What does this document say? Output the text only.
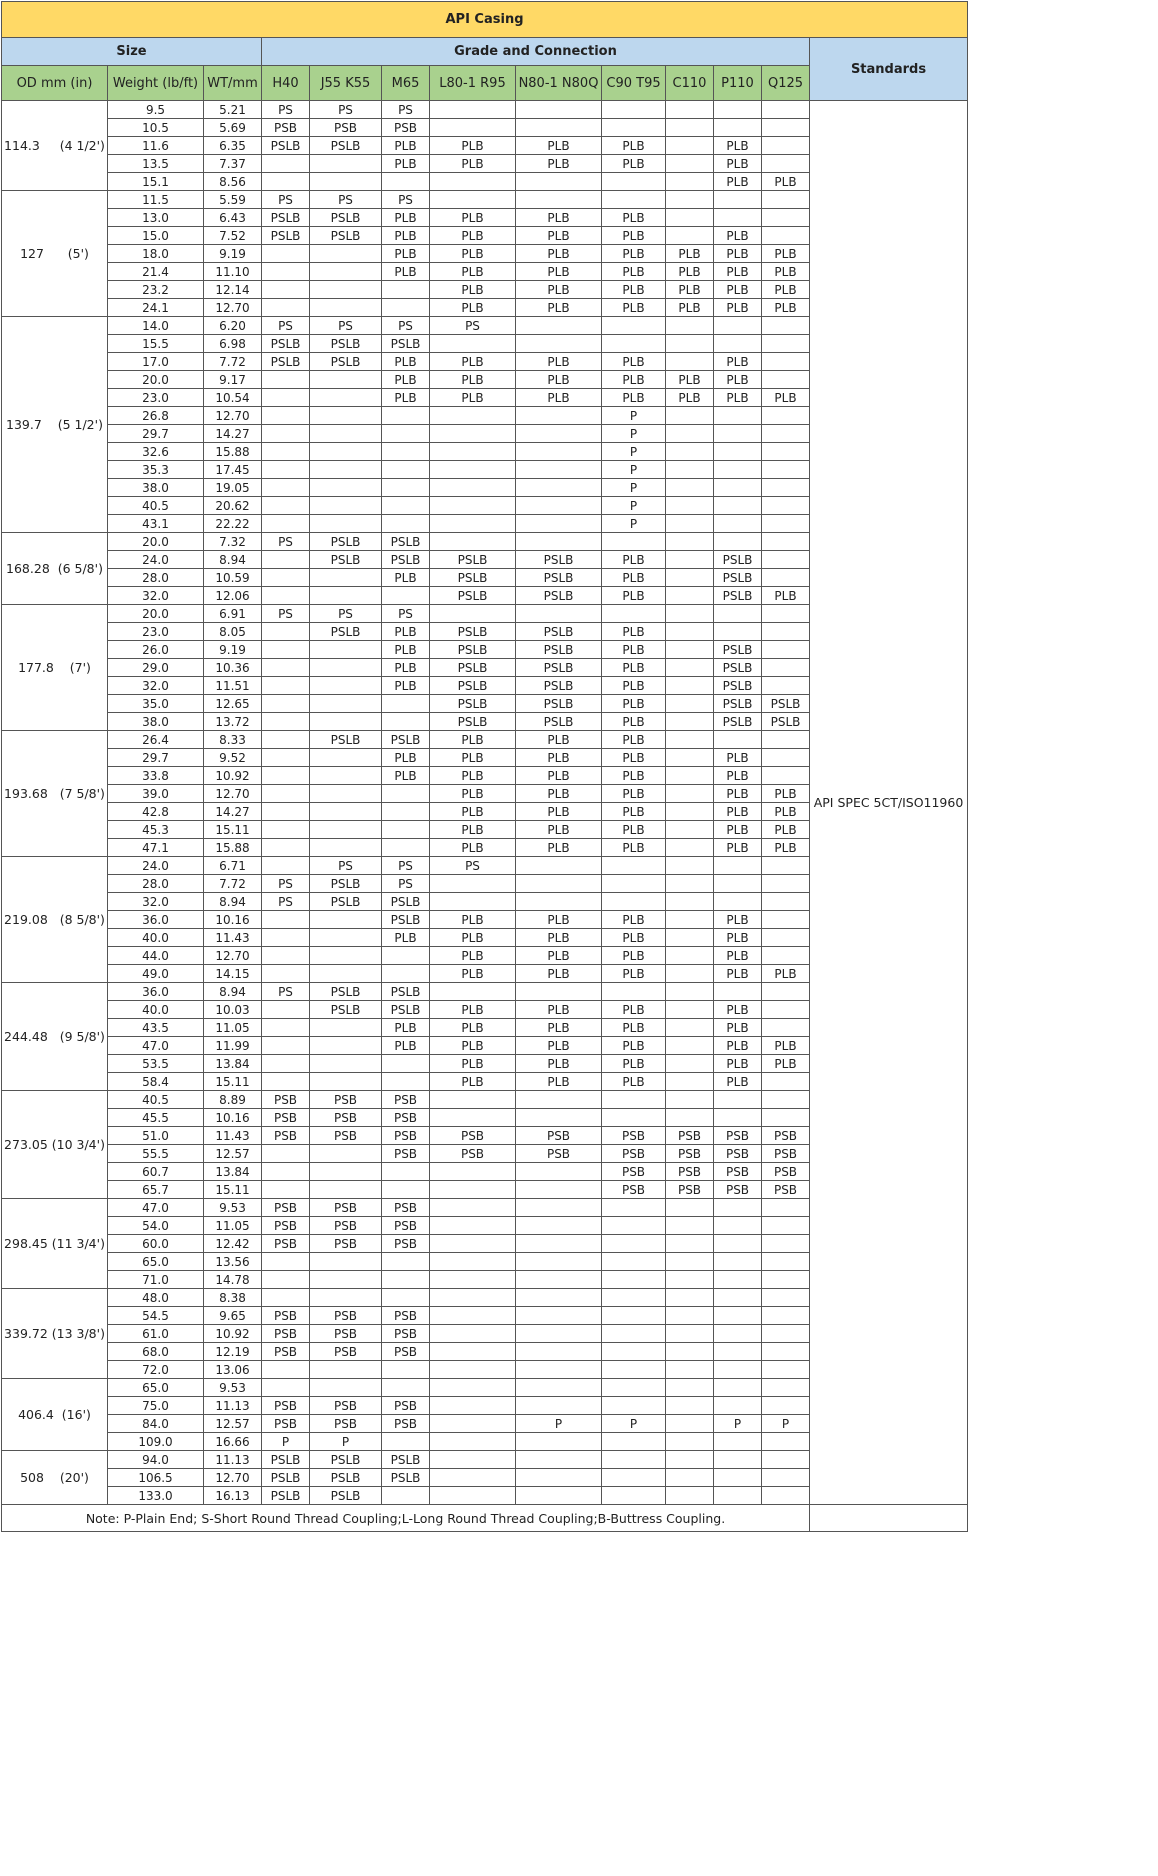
API Casing												
Size			Grade and Connection									Standards
OD mm (in)	Weight (lb/ft)	WT/mm	H40	J55 K55	M65	L80-1 R95	N80-1 N80Q	C90 T95	C110	P110	Q125	
114.3     (4 1/2')	9.5	5.21	PS	PS	PS							API SPEC 5CT/ISO11960
	10.5	5.69	PSB	PSB	PSB							
	11.6	6.35	PSLB	PSLB	PLB	PLB	PLB	PLB		PLB		
	13.5	7.37			PLB	PLB	PLB	PLB		PLB		
	15.1	8.56								PLB	PLB	
127      (5')	11.5	5.59	PS	PS	PS							
	13.0	6.43	PSLB	PSLB	PLB	PLB	PLB	PLB				
	15.0	7.52	PSLB	PSLB	PLB	PLB	PLB	PLB		PLB		
	18.0	9.19			PLB	PLB	PLB	PLB	PLB	PLB	PLB	
	21.4	11.10			PLB	PLB	PLB	PLB	PLB	PLB	PLB	
	23.2	12.14				PLB	PLB	PLB	PLB	PLB	PLB	
	24.1	12.70				PLB	PLB	PLB	PLB	PLB	PLB	
139.7    (5 1/2')	14.0	6.20	PS	PS	PS	PS						
	15.5	6.98	PSLB	PSLB	PSLB							
	17.0	7.72	PSLB	PSLB	PLB	PLB	PLB	PLB		PLB		
	20.0	9.17			PLB	PLB	PLB	PLB	PLB	PLB		
	23.0	10.54			PLB	PLB	PLB	PLB	PLB	PLB	PLB	
	26.8	12.70						P				
	29.7	14.27						P				
	32.6	15.88						P				
	35.3	17.45						P				
	38.0	19.05						P				
	40.5	20.62						P				
	43.1	22.22						P				
168.28  (6 5/8')	20.0	7.32	PS	PSLB	PSLB							
	24.0	8.94		PSLB	PSLB	PSLB	PSLB	PLB		PSLB		
	28.0	10.59			PLB	PSLB	PSLB	PLB		PSLB		
	32.0	12.06				PSLB	PSLB	PLB		PSLB	PLB	
177.8    (7')	20.0	6.91	PS	PS	PS							
	23.0	8.05		PSLB	PLB	PSLB	PSLB	PLB				
	26.0	9.19			PLB	PSLB	PSLB	PLB		PSLB		
	29.0	10.36			PLB	PSLB	PSLB	PLB		PSLB		
	32.0	11.51			PLB	PSLB	PSLB	PLB		PSLB		
	35.0	12.65				PSLB	PSLB	PLB		PSLB	PSLB	
	38.0	13.72				PSLB	PSLB	PLB		PSLB	PSLB	
193.68   (7 5/8')	26.4	8.33		PSLB	PSLB	PLB	PLB	PLB				
	29.7	9.52			PLB	PLB	PLB	PLB		PLB		
	33.8	10.92			PLB	PLB	PLB	PLB		PLB		
	39.0	12.70				PLB	PLB	PLB		PLB	PLB	
	42.8	14.27				PLB	PLB	PLB		PLB	PLB	
	45.3	15.11				PLB	PLB	PLB		PLB	PLB	
	47.1	15.88				PLB	PLB	PLB		PLB	PLB	
219.08   (8 5/8')	24.0	6.71		PS	PS	PS						
	28.0	7.72	PS	PSLB	PS							
	32.0	8.94	PS	PSLB	PSLB							
	36.0	10.16			PSLB	PLB	PLB	PLB		PLB		
	40.0	11.43			PLB	PLB	PLB	PLB		PLB		
	44.0	12.70				PLB	PLB	PLB		PLB		
	49.0	14.15				PLB	PLB	PLB		PLB	PLB	
244.48   (9 5/8')	36.0	8.94	PS	PSLB	PSLB							
	40.0	10.03		PSLB	PSLB	PLB	PLB	PLB		PLB		
	43.5	11.05			PLB	PLB	PLB	PLB		PLB		
	47.0	11.99			PLB	PLB	PLB	PLB		PLB	PLB	
	53.5	13.84				PLB	PLB	PLB		PLB	PLB	
	58.4	15.11				PLB	PLB	PLB		PLB		
273.05 (10 3/4')	40.5	8.89	PSB	PSB	PSB							
	45.5	10.16	PSB	PSB	PSB							
	51.0	11.43	PSB	PSB	PSB	PSB	PSB	PSB	PSB	PSB	PSB	
	55.5	12.57			PSB	PSB	PSB	PSB	PSB	PSB	PSB	
	60.7	13.84						PSB	PSB	PSB	PSB	
	65.7	15.11						PSB	PSB	PSB	PSB	
298.45 (11 3/4')	47.0	9.53	PSB	PSB	PSB							
	54.0	11.05	PSB	PSB	PSB							
	60.0	12.42	PSB	PSB	PSB							
	65.0	13.56										
	71.0	14.78										
339.72 (13 3/8')	48.0	8.38										
	54.5	9.65	PSB	PSB	PSB							
	61.0	10.92	PSB	PSB	PSB							
	68.0	12.19	PSB	PSB	PSB							
	72.0	13.06										
406.4  (16')	65.0	9.53										
	75.0	11.13	PSB	PSB	PSB							
	84.0	12.57	PSB	PSB	PSB		P	P		P	P	
	109.0	16.66	P	P								
508    (20')	94.0	11.13	PSLB	PSLB	PSLB							
	106.5	12.70	PSLB	PSLB	PSLB							
	133.0	16.13	PSLB	PSLB								
Note: P-Plain End; S-Short Round Thread Coupling;L-Long Round Thread Coupling;B-Buttress Coupling.												
